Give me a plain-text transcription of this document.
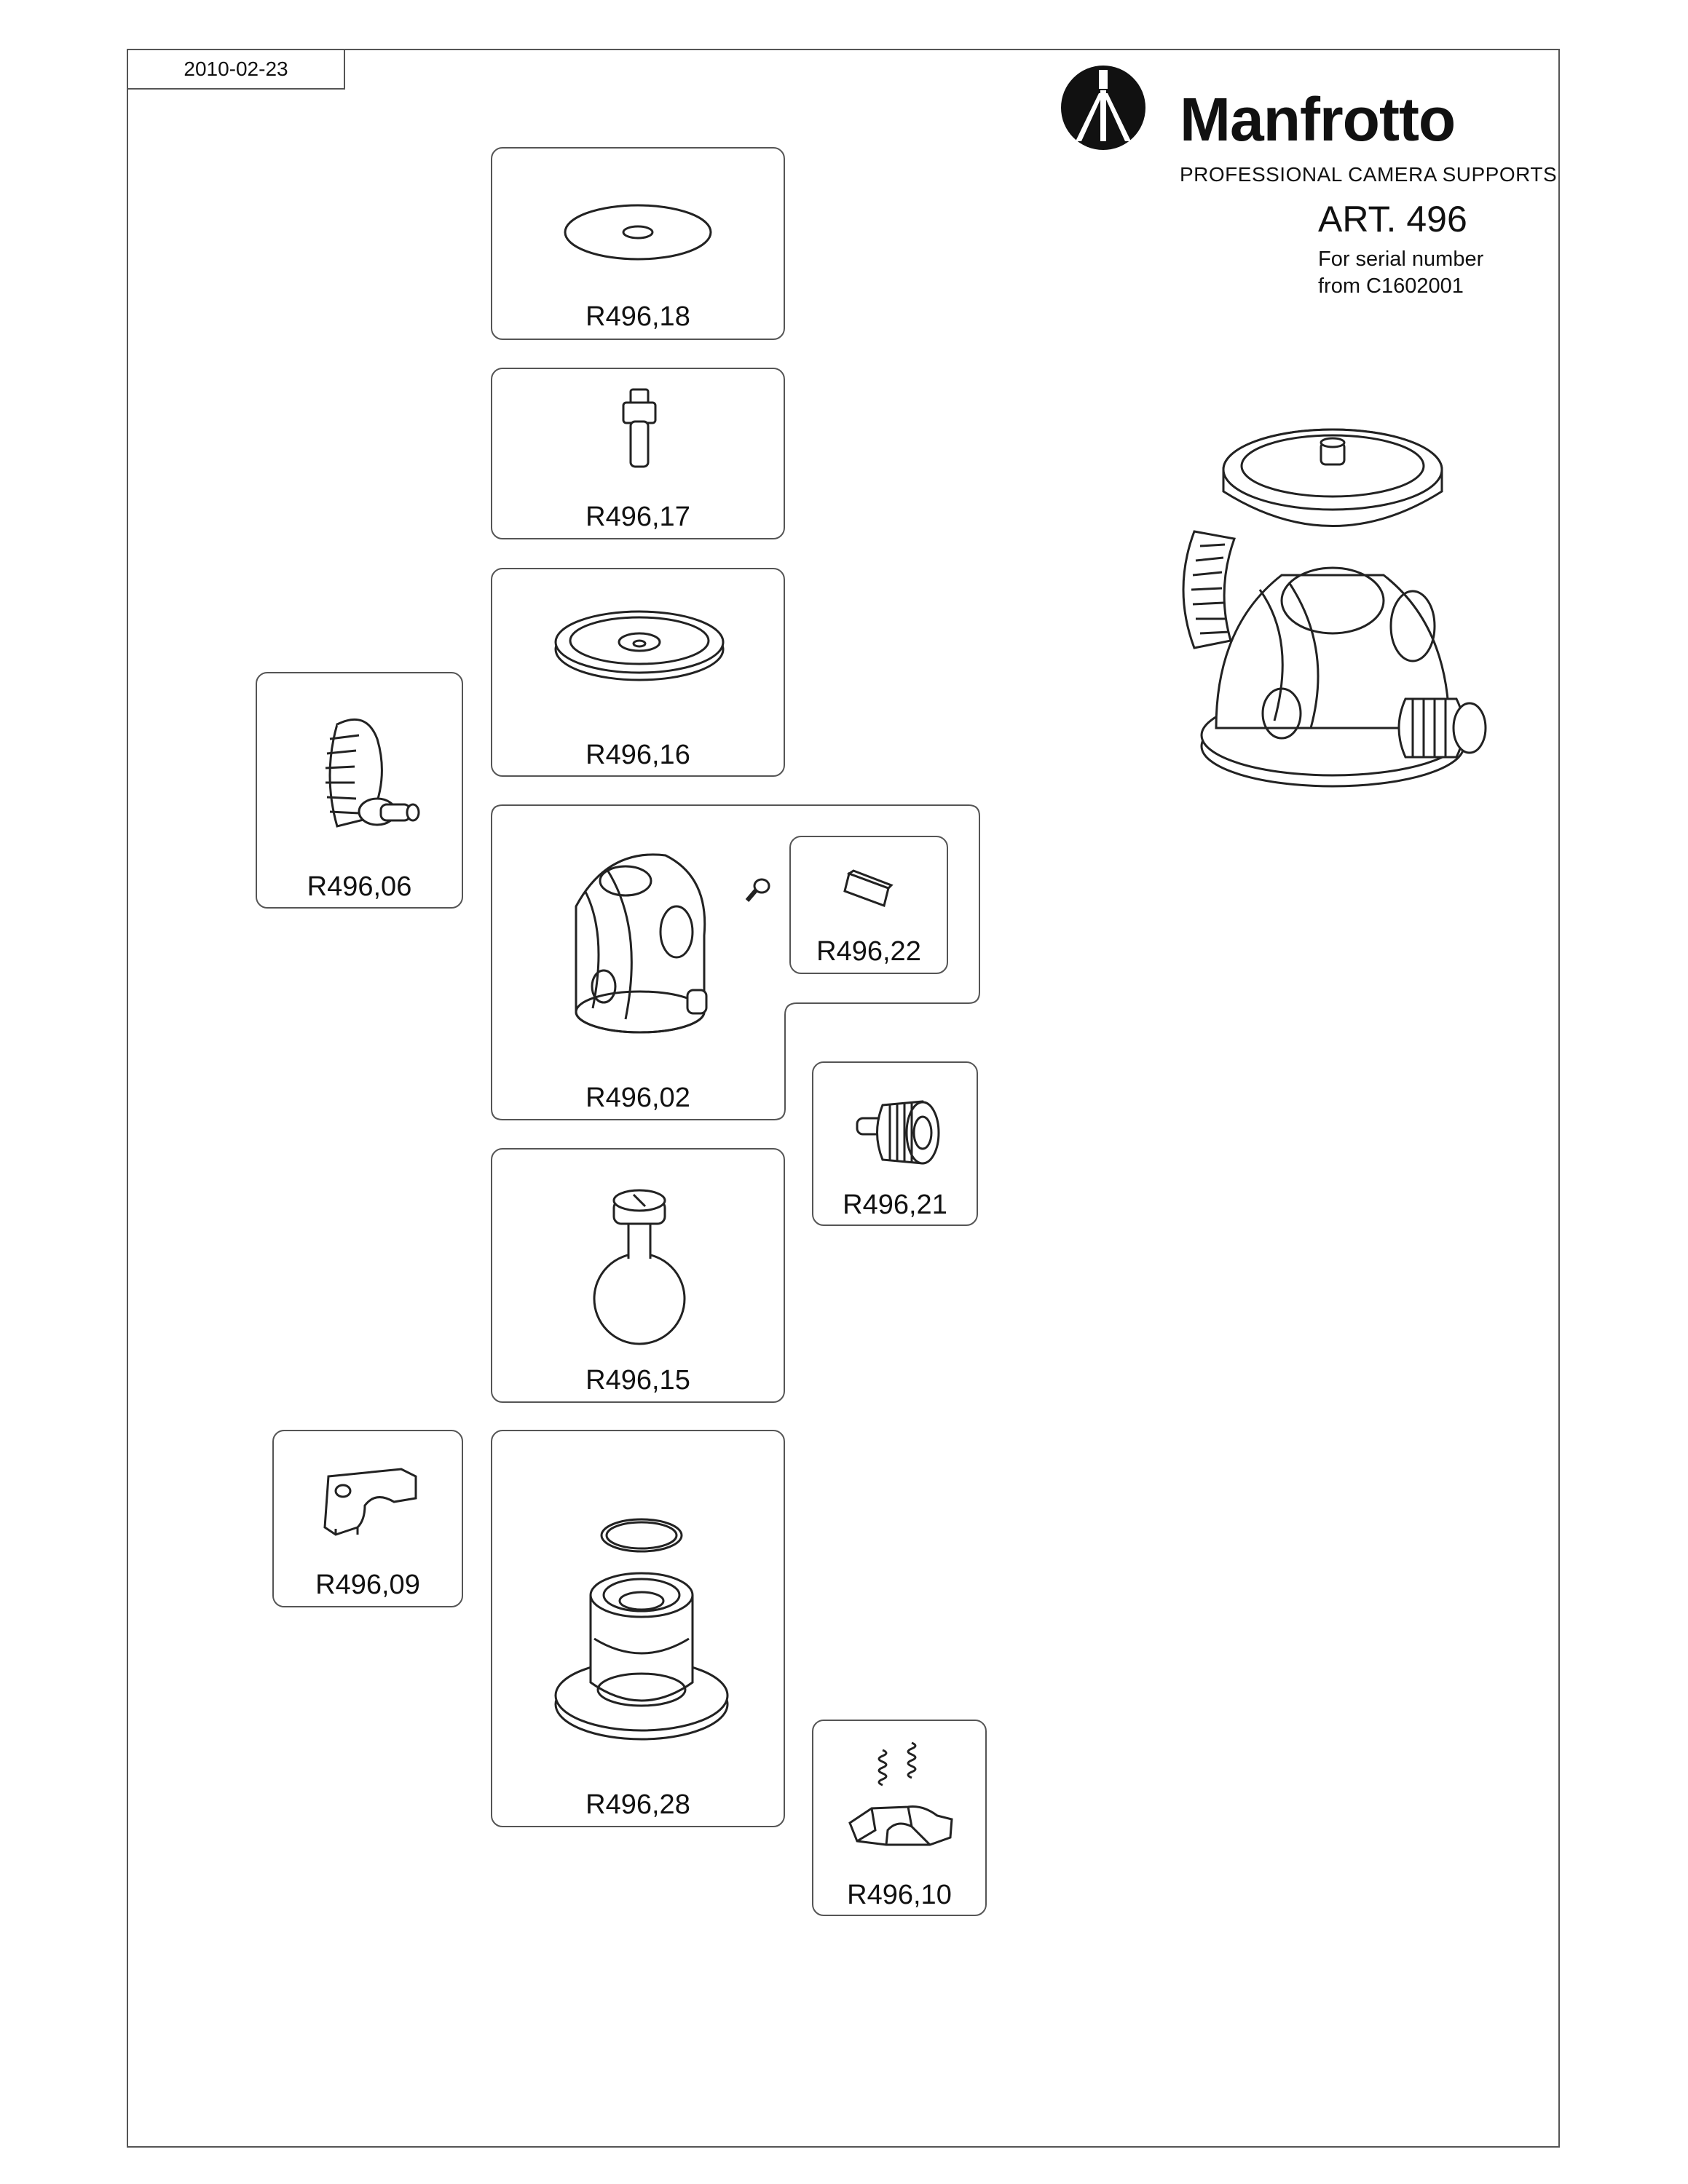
2010-02-23
Manfrotto
PROFESSIONAL CAMERA SUPPORTS
ART. 496
For serial number
from C1602001
R496,18
R496,17
R496,16
R496,06
R496,02
R496,22
R496,21
R496,15
R496,09
R496,28
R496,10
